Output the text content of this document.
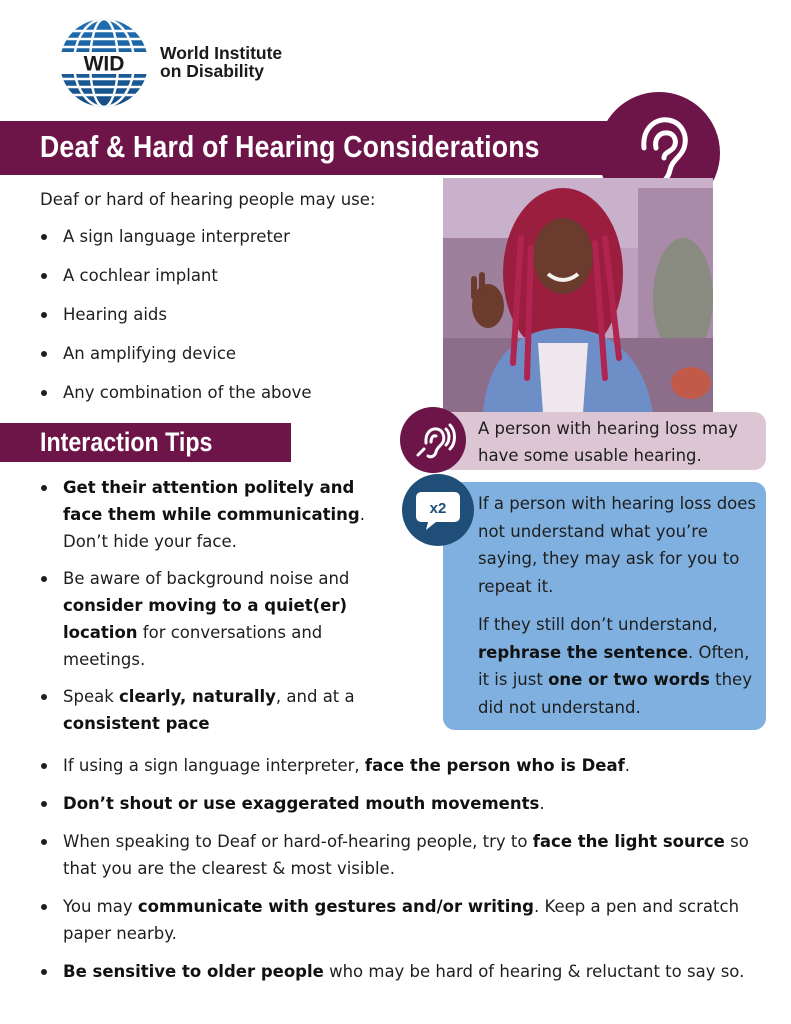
WID World Institute
on Disability
Deaf & Hard of Hearing Considerations
Deaf or hard of hearing people may use:
A sign language interpreter
A cochlear implant
Hearing aids
An amplifying device
Any combination of the above
Interaction Tips
Get their attention politely and face them while communicating. Don’t hide your face.
Be aware of background noise and consider moving to a quiet(er) location for conversations and meetings.
Speak clearly, naturally, and at a consistent pace
If using a sign language interpreter, face the person who is Deaf.
Don’t shout or use exaggerated mouth movements.
When speaking to Deaf or hard-of-hearing people, try to face the light source so that you are the clearest & most visible.
You may communicate with gestures and/or writing. Keep a pen and scratch paper nearby.
Be sensitive to older people who may be hard of hearing & reluctant to say so.
A person with hearing loss may have some usable hearing.

If a person with hearing loss does not understand what you’re saying, they may ask for you to repeat it.

If they still don’t understand, rephrase the sentence. Often, it is just one or two words they did not understand.

x2
